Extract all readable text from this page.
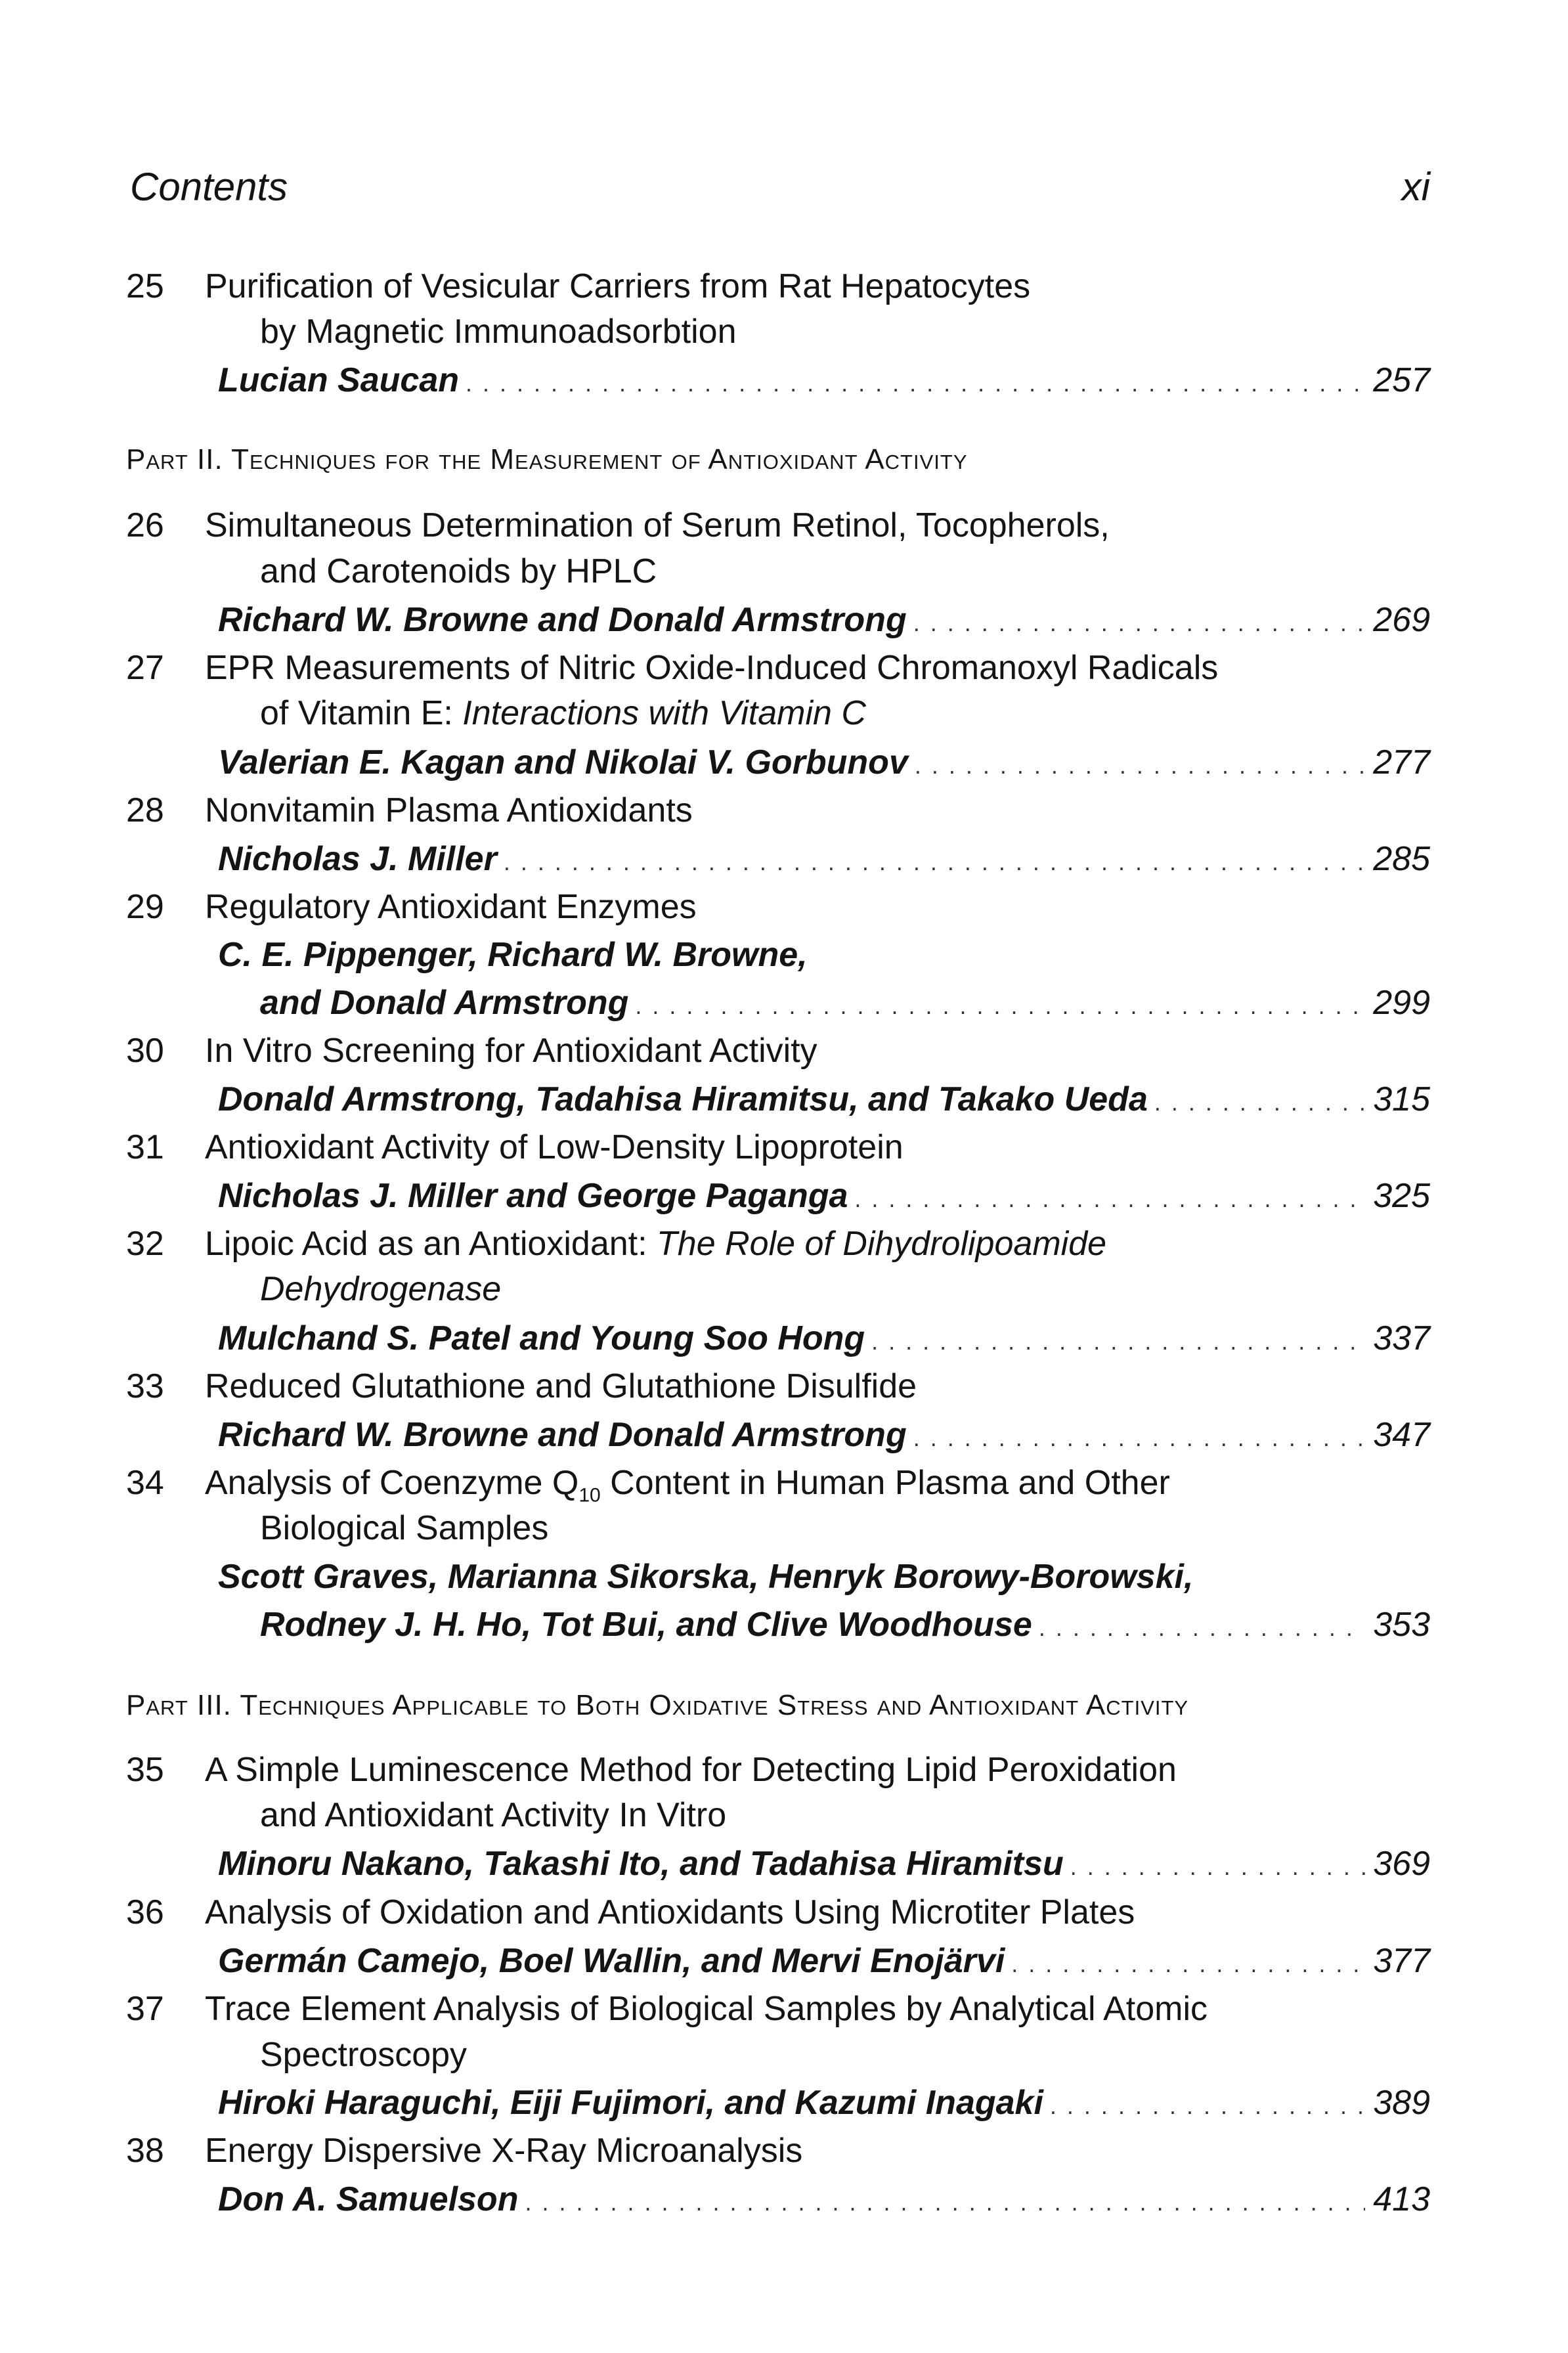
Contents	xi
25 Purification of Vesicular Carriers from Rat Hepatocytes
by Magnetic Immunoadsorbtion
Lucian Saucan . . .	257
Part II. Techniques for the Measurement of Antioxidant Activity
26 Simultaneous Determination of Serum Retinol, Tocopherols,
and Carotenoids by HPLC
Richard W. Browne and Donald Armstrong . . .	269
27 EPR Measurements of Nitric Oxide-Induced Chromanoxyl Radicals
of Vitamin E: Interactions with Vitamin C
Valerian E. Kagan and Nikolai V. Gorbunov . . .	277
28 Nonvitamin Plasma Antioxidants
Nicholas J. Miller . . .	285
29 Regulatory Antioxidant Enzymes
C. E. Pippenger, Richard W. Browne,
and Donald Armstrong . . .	299
30 In Vitro Screening for Antioxidant Activity
Donald Armstrong, Tadahisa Hiramitsu, and Takako Ueda . . .	315
31 Antioxidant Activity of Low-Density Lipoprotein
Nicholas J. Miller and George Paganga . . .	325
32 Lipoic Acid as an Antioxidant: The Role of Dihydrolipoamide
Dehydrogenase
Mulchand S. Patel and Young Soo Hong . . .	337
33 Reduced Glutathione and Glutathione Disulfide
Richard W. Browne and Donald Armstrong . . .	347
34 Analysis of Coenzyme $Q_{10}$ Content in Human Plasma and Other
Biological Samples
Scott Graves, Marianna Sikorska, Henryk Borowy-Borowski,
Rodney J. H. Ho, Tot Bui, and Clive Woodhouse . . .	353
Part III. Techniques Applicable to Both Oxidative Stress and Antioxidant Activity
35 A Simple Luminescence Method for Detecting Lipid Peroxidation
and Antioxidant Activity In Vitro
Minoru Nakano, Takashi Ito, and Tadahisa Hiramitsu . . .	369
36 Analysis of Oxidation and Antioxidants Using Microtiter Plates
Germán Camejo, Boel Wallin, and Mervi Enojärvi . . .	377
37 Trace Element Analysis of Biological Samples by Analytical Atomic
Spectroscopy
Hiroki Haraguchi, Eiji Fujimori, and Kazumi Inagaki . . .	389
38 Energy Dispersive X-Ray Microanalysis
Don A. Samuelson . . .	413
